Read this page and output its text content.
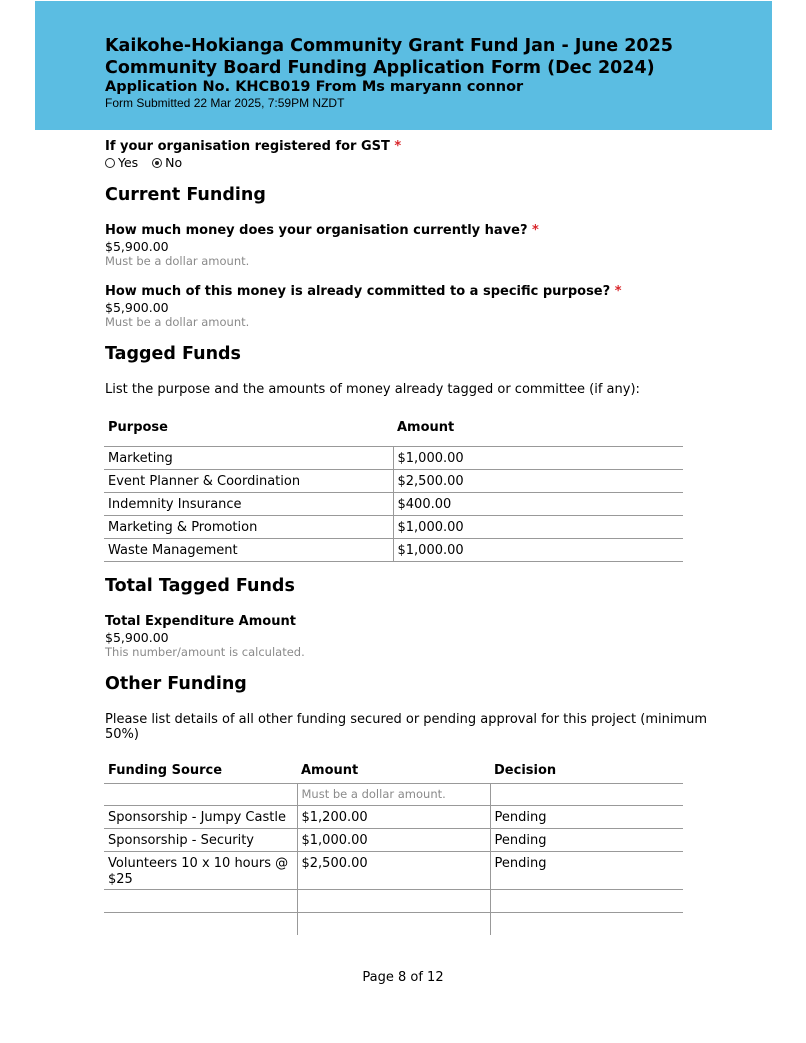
Kaikohe-Hokianga Community Grant Fund Jan - June 2025
Community Board Funding Application Form (Dec 2024)
Application No. KHCB019 From Ms maryann connor
Form Submitted 22 Mar 2025, 7:59PM NZDT
If your organisation registered for GST *
Yes No
Current Funding
How much money does your organisation currently have? *
$5,900.00
Must be a dollar amount.
How much of this money is already committed to a specific purpose? *
$5,900.00
Must be a dollar amount.
Tagged Funds
List the purpose and the amounts of money already tagged or committee (if any):
Purpose	Amount
Marketing	$1,000.00
Event Planner & Coordination	$2,500.00
Indemnity Insurance	$400.00
Marketing & Promotion	$1,000.00
Waste Management	$1,000.00
Total Tagged Funds
Total Expenditure Amount
$5,900.00
This number/amount is calculated.
Other Funding
Please list details of all other funding secured or pending approval for this project (minimum
50%)
Funding Source	Amount	Decision
	Must be a dollar amount.	
Sponsorship - Jumpy Castle	$1,200.00	Pending
Sponsorship - Security	$1,000.00	Pending
Volunteers 10 x 10 hours @ $25	$2,500.00	Pending

Page 8 of 12
